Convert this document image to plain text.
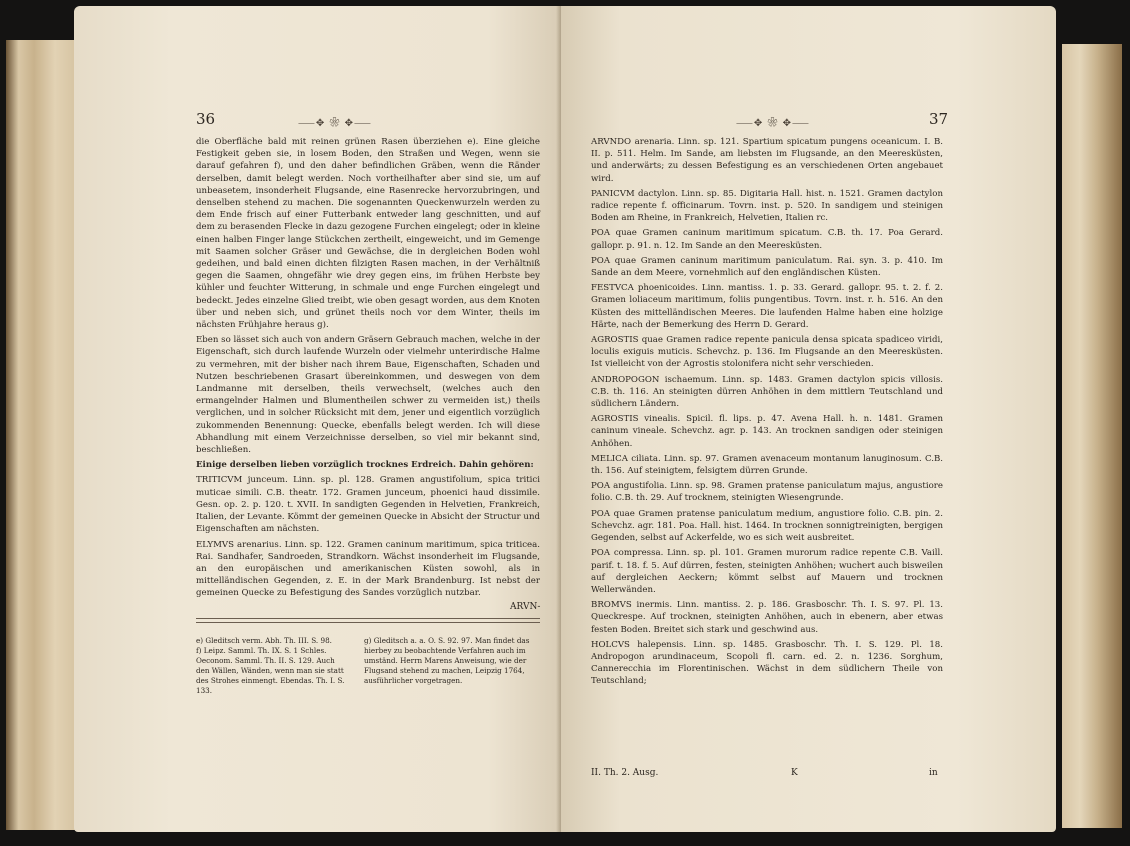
36	⸺✥ ❀ ✥⸺

die Oberfläche bald mit reinen grünen Rasen überziehen e). Eine gleiche Festigkeit geben sie, in losem Boden, den Straßen und Wegen, wenn sie darauf gefahren f), und den daher befindlichen Gräben, wenn die Ränder derselben, damit belegt werden. Noch vortheilhafter aber sind sie, um auf unbeasetem, insonderheit Flugsande, eine Rasenrecke hervorzubringen, und denselben stehend zu machen. Die sogenannten Queckenwurzeln werden zu dem Ende frisch auf einer Futterbank entweder lang geschnitten, und auf dem zu berasenden Flecke in dazu gezogene Furchen eingelegt; oder in kleine einen halben Finger lange Stückchen zertheilt, eingeweicht, und im Gemenge mit Saamen solcher Gräser und Gewächse, die in dergleichen Boden wohl gedeihen, und bald einen dichten filzigten Rasen machen, in der Verhältniß gegen die Saamen, ohngefähr wie drey gegen eins, im frühen Herbste bey kühler und feuchter Witterung, in schmale und enge Furchen eingelegt und bedeckt. Jedes einzelne Glied treibt, wie oben gesagt worden, aus dem Knoten über und neben sich, und grünet theils noch vor dem Winter, theils im nächsten Frühjahre heraus g).

Eben so lässet sich auch von andern Gräsern Gebrauch machen, welche in der Eigenschaft, sich durch laufende Wurzeln oder vielmehr unterirdische Halme zu vermehren, mit der bisher nach ihrem Baue, Eigenschaften, Schaden und Nutzen beschriebenen Grasart übereinkommen, und deswegen von dem Landmanne mit derselben, theils verwechselt, (welches auch den ermangelnder Halmen und Blumentheilen schwer zu vermeiden ist,) theils verglichen, und in solcher Rücksicht mit dem, jener und eigentlich vorzüglich zukommenden Benennung: Quecke, ebenfalls belegt werden. Ich will diese Abhandlung mit einem Verzeichnisse derselben, so viel mir bekannt sind, beschließen.

Einige derselben lieben vorzüglich trocknes Erdreich. Dahin gehören:

TRITICVM junceum. Linn. sp. pl. 128. Gramen angustifolium, spica tritici muticae simili. C.B. theatr. 172. Gramen junceum, phoenici haud dissimile. Gesn. op. 2. p. 120. t. XVII. In sandigten Gegenden in Helvetien, Frankreich, Italien, der Levante. Kömmt der gemeinen Quecke in Absicht der Structur und Eigenschaften am nächsten.

ELYMVS arenarius. Linn. sp. 122. Gramen caninum maritimum, spica triticea. Rai. Sandhafer, Sandroeden, Strandkorn. Wächst insonderheit im Flugsande, an den europäischen und amerikanischen Küsten sowohl, als in mittelländischen Gegenden, z. E. in der Mark Brandenburg. Ist nebst der gemeinen Quecke zu Befestigung des Sandes vorzüglich nutzbar.

ARVN-
e) Gleditsch verm. Abh. Th. III. S. 98.
f) Leipz. Samml. Th. IX. S. 1 Schles. Oeconom. Samml. Th. II. S. 129. Auch den Wällen, Wänden, wenn man sie statt des Strohes einmengt. Ebendas. Th. I. S. 133.
g) Gleditsch a. a. O. S. 92. 97. Man findet das hierbey zu beobachtende Verfahren auch im umständ. Herrn Marens Anweisung, wie der Flugsand stehend zu machen, Leipzig 1764, ausführlicher vorgetragen.
⸺✥ ❀ ✥⸺	37

ARVNDO arenaria. Linn. sp. 121. Spartium spicatum pungens oceanicum. I. B. II. p. 511. Helm. Im Sande, am liebsten im Flugsande, an den Meeresküsten, und anderwärts; zu dessen Befestigung es an verschiedenen Orten angebauet wird.

PANICVM dactylon. Linn. sp. 85. Digitaria Hall. hist. n. 1521. Gramen dactylon radice repente f. officinarum. Tovrn. inst. p. 520. In sandigem und steinigen Boden am Rheine, in Frankreich, Helvetien, Italien rc.

POA quae Gramen caninum maritimum spicatum. C.B. th. 17. Poa Gerard. gallopr. p. 91. n. 12. Im Sande an den Meeresküsten.

POA quae Gramen caninum maritimum paniculatum. Rai. syn. 3. p. 410. Im Sande an dem Meere, vornehmlich auf den engländischen Küsten.

FESTVCA phoenicoides. Linn. mantiss. 1. p. 33. Gerard. gallopr. 95. t. 2. f. 2. Gramen loliaceum maritimum, foliis pungentibus. Tovrn. inst. r. h. 516. An den Küsten des mittelländischen Meeres. Die laufenden Halme haben eine holzige Härte, nach der Bemerkung des Herrn D. Gerard.

AGROSTIS quae Gramen radice repente panicula densa spicata spadiceo viridi, loculis exiguis muticis. Schevchz. p. 136. Im Flugsande an den Meeresküsten. Ist vielleicht von der Agrostis stolonifera nicht sehr verschieden.

ANDROPOGON ischaemum. Linn. sp. 1483. Gramen dactylon spicis villosis. C.B. th. 116. An steinigten dürren Anhöhen in dem mittlern Teutschland und südlichern Ländern.

AGROSTIS vinealis. Spicil. fl. lips. p. 47. Avena Hall. h. n. 1481. Gramen caninum vineale. Schevchz. agr. p. 143. An trocknen sandigen oder steinigen Anhöhen.

MELICA ciliata. Linn. sp. 97. Gramen avenaceum montanum lanuginosum. C.B. th. 156. Auf steinigtem, felsigtem dürren Grunde.

POA angustifolia. Linn. sp. 98. Gramen pratense paniculatum majus, angustiore folio. C.B. th. 29. Auf trocknem, steinigten Wiesengrunde.

POA quae Gramen pratense paniculatum medium, angustiore folio. C.B. pin. 2. Schevchz. agr. 181. Poa. Hall. hist. 1464. In trocknen sonnigtreinigten, bergigen Gegenden, selbst auf Ackerfelde, wo es sich weit ausbreitet.

POA compressa. Linn. sp. pl. 101. Gramen murorum radice repente C.B. Vaill. parif. t. 18. f. 5. Auf dürren, festen, steinigten Anhöhen; wuchert auch bisweilen auf dergleichen Aeckern; kömmt selbst auf Mauern und trocknen Wellerwänden.

BROMVS inermis. Linn. mantiss. 2. p. 186. Grasboschr. Th. I. S. 97. Pl. 13. Queckrespe. Auf trocknen, steinigten Anhöhen, auch in ebenern, aber etwas festen Boden. Breitet sich stark und geschwind aus.

HOLCVS halepensis. Linn. sp. 1485. Grasboschr. Th. I. S. 129. Pl. 18. Andropogon arundinaceum, Scopoli fl. carn. ed. 2. n. 1236. Sorghum, Cannerecchia im Florentinischen. Wächst in dem südlichern Theile von Teutschland;

II. Th. 2. Ausg.	K	in
